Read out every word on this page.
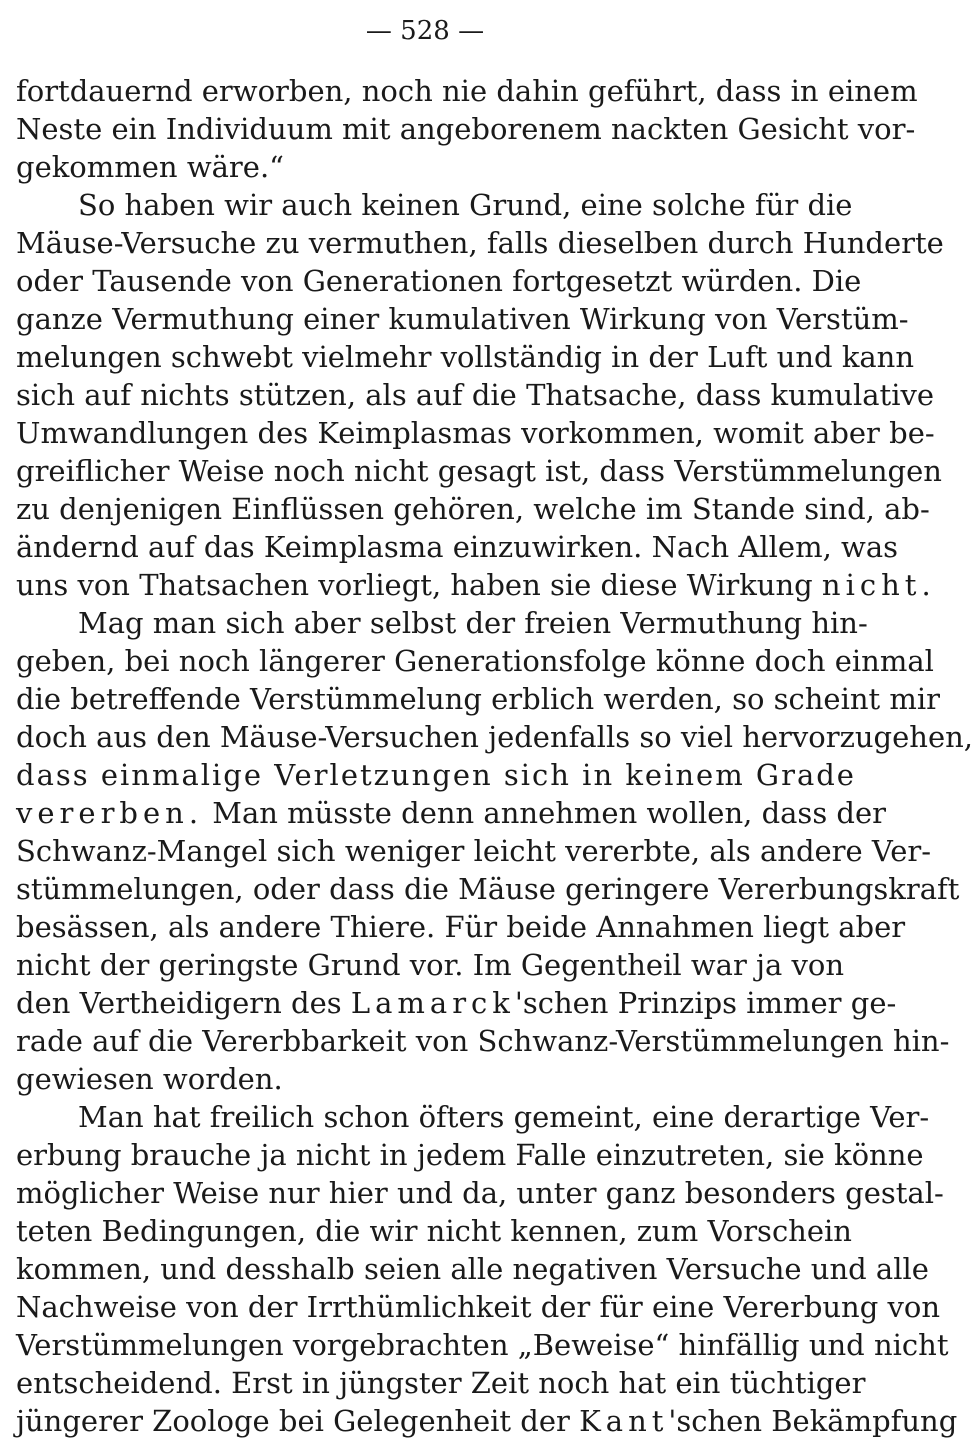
— 528 —
fortdauernd erworben, noch nie dahin geführt, dass in einem
Neste ein Individuum mit angeborenem nackten Gesicht vor-
gekommen wäre.“
So haben wir auch keinen Grund, eine solche für die
Mäuse-Versuche zu vermuthen, falls dieselben durch Hunderte
oder Tausende von Generationen fortgesetzt würden. Die
ganze Vermuthung einer kumulativen Wirkung von Verstüm-
melungen schwebt vielmehr vollständig in der Luft und kann
sich auf nichts stützen, als auf die Thatsache, dass kumulative
Umwandlungen des Keimplasmas vorkommen, womit aber be-
greiflicher Weise noch nicht gesagt ist, dass Verstümmelungen
zu denjenigen Einflüssen gehören, welche im Stande sind, ab-
ändernd auf das Keimplasma einzuwirken. Nach Allem, was
uns von Thatsachen vorliegt, haben sie diese Wirkung nicht.
Mag man sich aber selbst der freien Vermuthung hin-
geben, bei noch längerer Generationsfolge könne doch einmal
die betreffende Verstümmelung erblich werden, so scheint mir
doch aus den Mäuse-Versuchen jedenfalls so viel hervorzugehen,
dass einmalige Verletzungen sich in keinem Grade
vererben. Man müsste denn annehmen wollen, dass der
Schwanz-Mangel sich weniger leicht vererbte, als andere Ver-
stümmelungen, oder dass die Mäuse geringere Vererbungskraft
besässen, als andere Thiere. Für beide Annahmen liegt aber
nicht der geringste Grund vor. Im Gegentheil war ja von
den Vertheidigern des Lamarck'schen Prinzips immer ge-
rade auf die Vererbbarkeit von Schwanz-Verstümmelungen hin-
gewiesen worden.
Man hat freilich schon öfters gemeint, eine derartige Ver-
erbung brauche ja nicht in jedem Falle einzutreten, sie könne
möglicher Weise nur hier und da, unter ganz besonders gestal-
teten Bedingungen, die wir nicht kennen, zum Vorschein
kommen, und desshalb seien alle negativen Versuche und alle
Nachweise von der Irrthümlichkeit der für eine Vererbung von
Verstümmelungen vorgebrachten „Beweise“ hinfällig und nicht
entscheidend. Erst in jüngster Zeit noch hat ein tüchtiger
jüngerer Zoologe bei Gelegenheit der Kant'schen Bekämpfung
